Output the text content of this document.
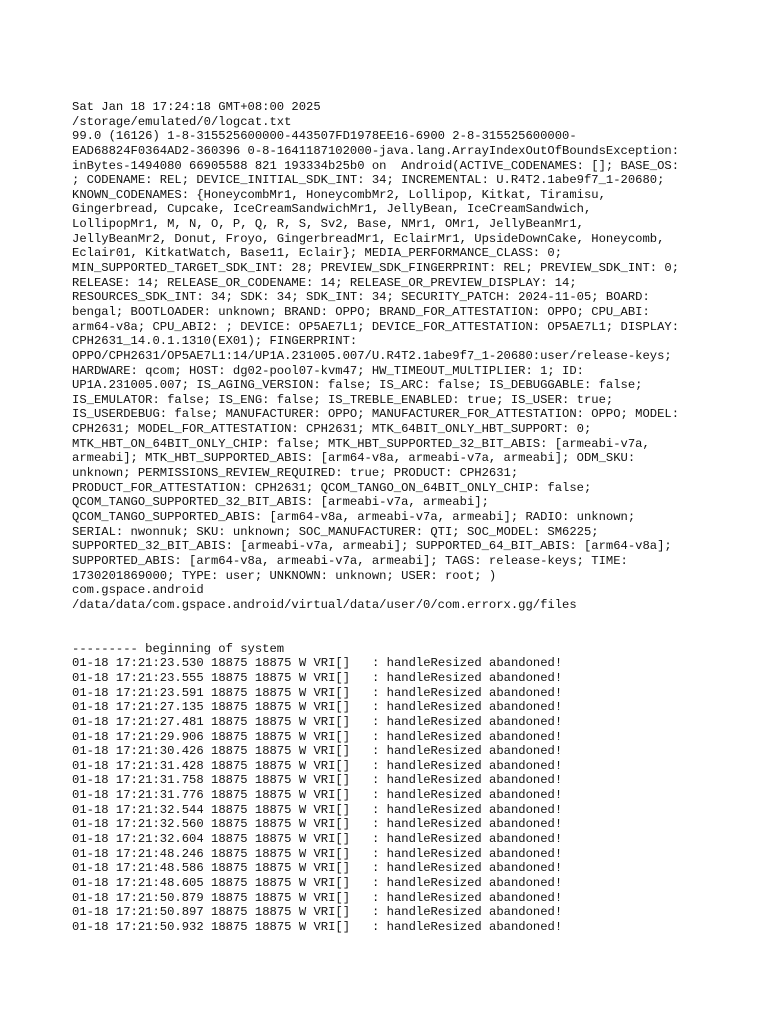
Sat Jan 18 17:24:18 GMT+08:00 2025
/storage/emulated/0/logcat.txt
99.0 (16126) 1-8-315525600000-443507FD1978EE16-6900 2-8-315525600000-
EAD68824F0364AD2-360396 0-8-1641187102000-java.lang.ArrayIndexOutOfBoundsException:
inBytes-1494080 66905588 821 193334b25b0 on  Android(ACTIVE_CODENAMES: []; BASE_OS:
; CODENAME: REL; DEVICE_INITIAL_SDK_INT: 34; INCREMENTAL: U.R4T2.1abe9f7_1-20680;
KNOWN_CODENAMES: {HoneycombMr1, HoneycombMr2, Lollipop, Kitkat, Tiramisu,
Gingerbread, Cupcake, IceCreamSandwichMr1, JellyBean, IceCreamSandwich,
LollipopMr1, M, N, O, P, Q, R, S, Sv2, Base, NMr1, OMr1, JellyBeanMr1,
JellyBeanMr2, Donut, Froyo, GingerbreadMr1, EclairMr1, UpsideDownCake, Honeycomb,
Eclair01, KitkatWatch, Base11, Eclair}; MEDIA_PERFORMANCE_CLASS: 0;
MIN_SUPPORTED_TARGET_SDK_INT: 28; PREVIEW_SDK_FINGERPRINT: REL; PREVIEW_SDK_INT: 0;
RELEASE: 14; RELEASE_OR_CODENAME: 14; RELEASE_OR_PREVIEW_DISPLAY: 14;
RESOURCES_SDK_INT: 34; SDK: 34; SDK_INT: 34; SECURITY_PATCH: 2024-11-05; BOARD:
bengal; BOOTLOADER: unknown; BRAND: OPPO; BRAND_FOR_ATTESTATION: OPPO; CPU_ABI:
arm64-v8a; CPU_ABI2: ; DEVICE: OP5AE7L1; DEVICE_FOR_ATTESTATION: OP5AE7L1; DISPLAY:
CPH2631_14.0.1.1310(EX01); FINGERPRINT:
OPPO/CPH2631/OP5AE7L1:14/UP1A.231005.007/U.R4T2.1abe9f7_1-20680:user/release-keys;
HARDWARE: qcom; HOST: dg02-pool07-kvm47; HW_TIMEOUT_MULTIPLIER: 1; ID:
UP1A.231005.007; IS_AGING_VERSION: false; IS_ARC: false; IS_DEBUGGABLE: false;
IS_EMULATOR: false; IS_ENG: false; IS_TREBLE_ENABLED: true; IS_USER: true;
IS_USERDEBUG: false; MANUFACTURER: OPPO; MANUFACTURER_FOR_ATTESTATION: OPPO; MODEL:
CPH2631; MODEL_FOR_ATTESTATION: CPH2631; MTK_64BIT_ONLY_HBT_SUPPORT: 0;
MTK_HBT_ON_64BIT_ONLY_CHIP: false; MTK_HBT_SUPPORTED_32_BIT_ABIS: [armeabi-v7a,
armeabi]; MTK_HBT_SUPPORTED_ABIS: [arm64-v8a, armeabi-v7a, armeabi]; ODM_SKU:
unknown; PERMISSIONS_REVIEW_REQUIRED: true; PRODUCT: CPH2631;
PRODUCT_FOR_ATTESTATION: CPH2631; QCOM_TANGO_ON_64BIT_ONLY_CHIP: false;
QCOM_TANGO_SUPPORTED_32_BIT_ABIS: [armeabi-v7a, armeabi];
QCOM_TANGO_SUPPORTED_ABIS: [arm64-v8a, armeabi-v7a, armeabi]; RADIO: unknown;
SERIAL: nwonnuk; SKU: unknown; SOC_MANUFACTURER: QTI; SOC_MODEL: SM6225;
SUPPORTED_32_BIT_ABIS: [armeabi-v7a, armeabi]; SUPPORTED_64_BIT_ABIS: [arm64-v8a];
SUPPORTED_ABIS: [arm64-v8a, armeabi-v7a, armeabi]; TAGS: release-keys; TIME:
1730201869000; TYPE: user; UNKNOWN: unknown; USER: root; )
com.gspace.android
/data/data/com.gspace.android/virtual/data/user/0/com.errorx.gg/files
--------- beginning of system
01-18 17:21:23.530 18875 18875 W VRI[]   : handleResized abandoned!
01-18 17:21:23.555 18875 18875 W VRI[]   : handleResized abandoned!
01-18 17:21:23.591 18875 18875 W VRI[]   : handleResized abandoned!
01-18 17:21:27.135 18875 18875 W VRI[]   : handleResized abandoned!
01-18 17:21:27.481 18875 18875 W VRI[]   : handleResized abandoned!
01-18 17:21:29.906 18875 18875 W VRI[]   : handleResized abandoned!
01-18 17:21:30.426 18875 18875 W VRI[]   : handleResized abandoned!
01-18 17:21:31.428 18875 18875 W VRI[]   : handleResized abandoned!
01-18 17:21:31.758 18875 18875 W VRI[]   : handleResized abandoned!
01-18 17:21:31.776 18875 18875 W VRI[]   : handleResized abandoned!
01-18 17:21:32.544 18875 18875 W VRI[]   : handleResized abandoned!
01-18 17:21:32.560 18875 18875 W VRI[]   : handleResized abandoned!
01-18 17:21:32.604 18875 18875 W VRI[]   : handleResized abandoned!
01-18 17:21:48.246 18875 18875 W VRI[]   : handleResized abandoned!
01-18 17:21:48.586 18875 18875 W VRI[]   : handleResized abandoned!
01-18 17:21:48.605 18875 18875 W VRI[]   : handleResized abandoned!
01-18 17:21:50.879 18875 18875 W VRI[]   : handleResized abandoned!
01-18 17:21:50.897 18875 18875 W VRI[]   : handleResized abandoned!
01-18 17:21:50.932 18875 18875 W VRI[]   : handleResized abandoned!
